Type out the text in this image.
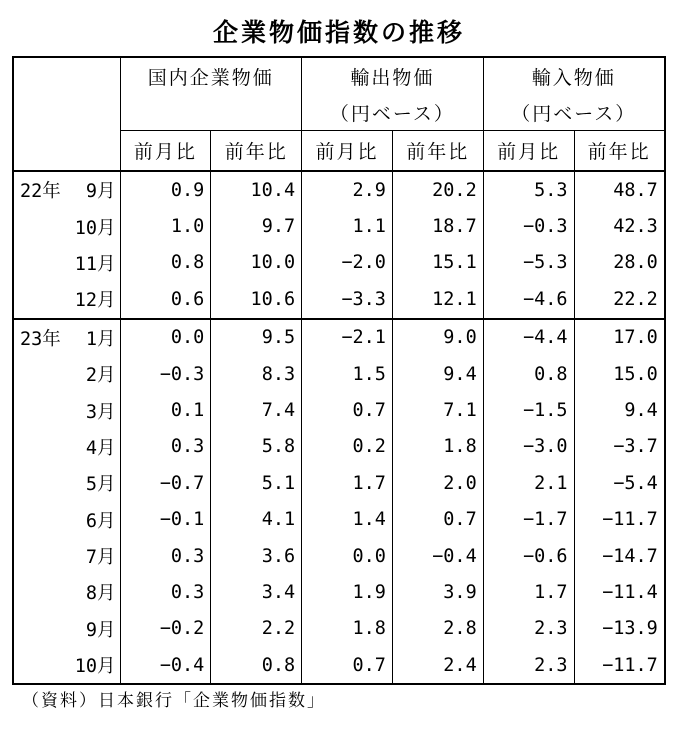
企業物価指数の推移
	国内企業物価		輸出物価		輸入物価	
			（円ベース）		（円ベース）	
	前月比	前年比	前月比	前年比	前月比	前年比

22年 9月	0.9	10.4	2.9	20.2	5.3	48.7

10月	1.0	9.7	1.1	18.7	−0.3	42.3

11月	0.8	10.0	−2.0	15.1	−5.3	28.0

12月	0.6	10.6	−3.3	12.1	−4.6	22.2

23年 1月	0.0	9.5	−2.1	9.0	−4.4	17.0

2月	−0.3	8.3	1.5	9.4	0.8	15.0

3月	0.1	7.4	0.7	7.1	−1.5	9.4

4月	0.3	5.8	0.2	1.8	−3.0	−3.7

5月	−0.7	5.1	1.7	2.0	2.1	−5.4

6月	−0.1	4.1	1.4	0.7	−1.7	−11.7

7月	0.3	3.6	0.0	−0.4	−0.6	−14.7

8月	0.3	3.4	1.9	3.9	1.7	−11.4

9月	−0.2	2.2	1.8	2.8	2.3	−13.9

10月	−0.4	0.8	0.7	2.4	2.3	−11.7
（資料）日本銀行「企業物価指数」
